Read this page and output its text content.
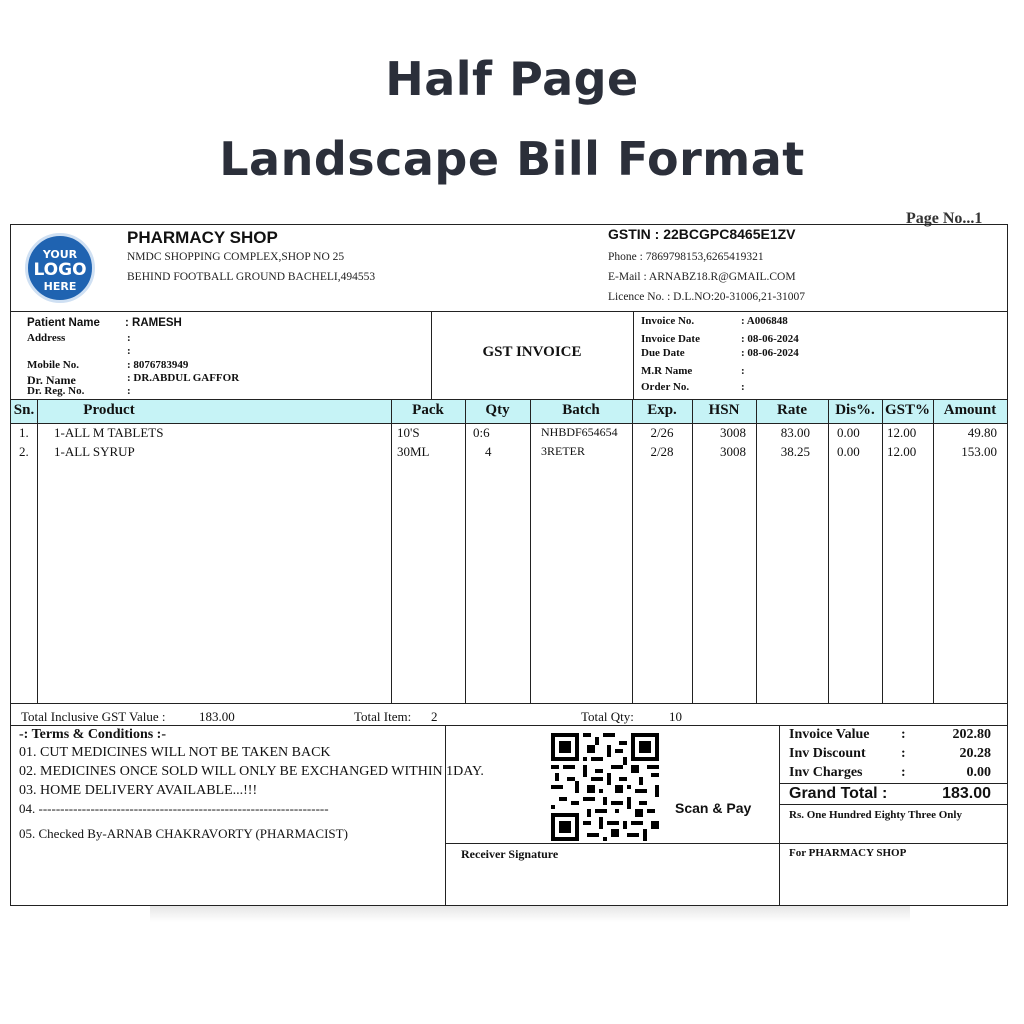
Half Page
Landscape Bill Format
Page No...1
YOUR
LOGO
HERE
PHARMACY SHOP
NMDC SHOPPING COMPLEX,SHOP NO 25
BEHIND FOOTBALL GROUND BACHELI,494553
GSTIN : 22BCGPC8465E1ZV
Phone : 7869798153,6265419321
E-Mail : ARNABZ18.R@GMAIL.COM
Licence No. : D.L.NO:20-31006,21-31007
Patient Name : RAMESH
Address	:
:
Mobile No.	: 8076783949
Dr. Name	: DR.ABDUL GAFFOR
Dr. Reg. No.	:
GST INVOICE
Invoice No.	: A006848
Invoice Date	: 08-06-2024
Due Date	: 08-06-2024
M.R Name	:
Order No.	:
Sn.	Product	Pack	Qty	Batch	Exp.	HSN	Rate	Dis%. GST% Amount
1. 1-ALL M TABLETS	10'S	0:6	NHBDF654654	2/26	3008	83.00 0.00 12.00	49.80
2. 1-ALL SYRUP	30ML	4	3RETER	2/28	3008	38.25 0.00 12.00	153.00
Total Inclusive GST Value :	183.00	Total Item: 2	Total Qty:	10
-: Terms & Conditions :-
01. CUT MEDICINES WILL NOT BE TAKEN BACK
02. MEDICINES ONCE SOLD WILL ONLY BE EXCHANGED WITHIN 1DAY.
03. HOME DELIVERY AVAILABLE...!!!
04. -------------------------------------------------------------------
05. Checked By-ARNAB CHAKRAVORTY (PHARMACIST)
Scan & Pay
Receiver Signature
Invoice Value :	202.80
Inv Discount	:	20.28
Inv Charges	:	0.00
Grand Total :	183.00
Rs. One Hundred Eighty Three Only
For PHARMACY SHOP
